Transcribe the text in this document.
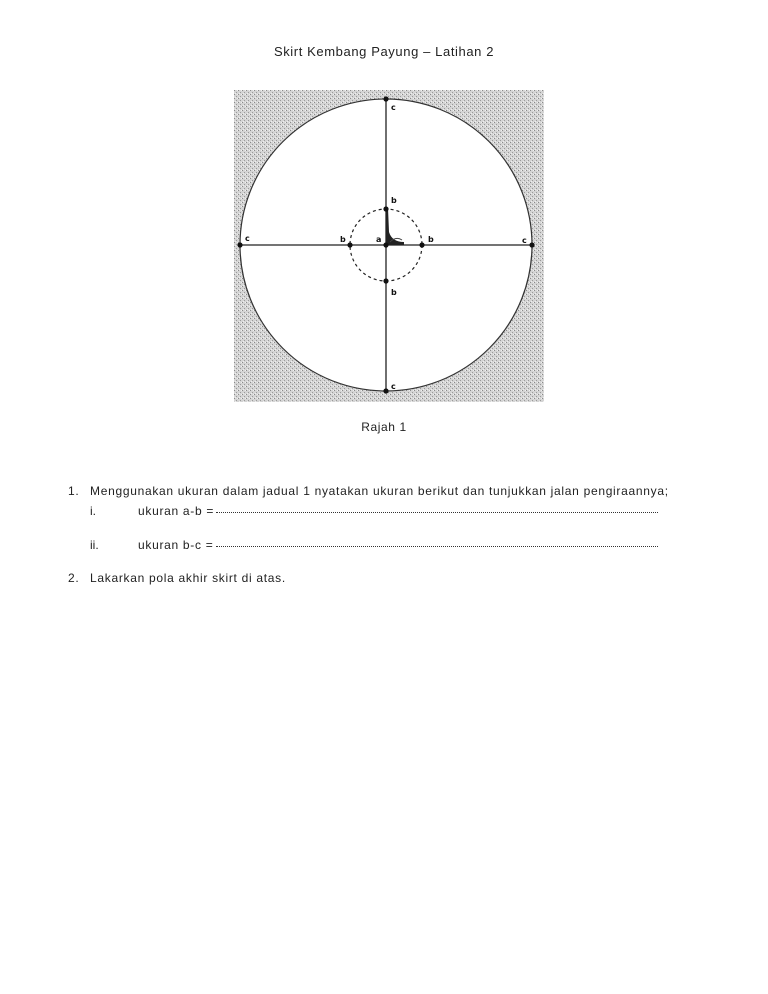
Skirt Kembang Payung – Latihan 2
c
b
c	b	a	b	c
b
c
Rajah 1
1. Menggunakan ukuran dalam jadual 1 nyatakan ukuran berikut dan tunjukkan jalan pengiraannya;
i.	ukuran a-b =
ii.	ukuran b-c =
2. Lakarkan pola akhir skirt di atas.
